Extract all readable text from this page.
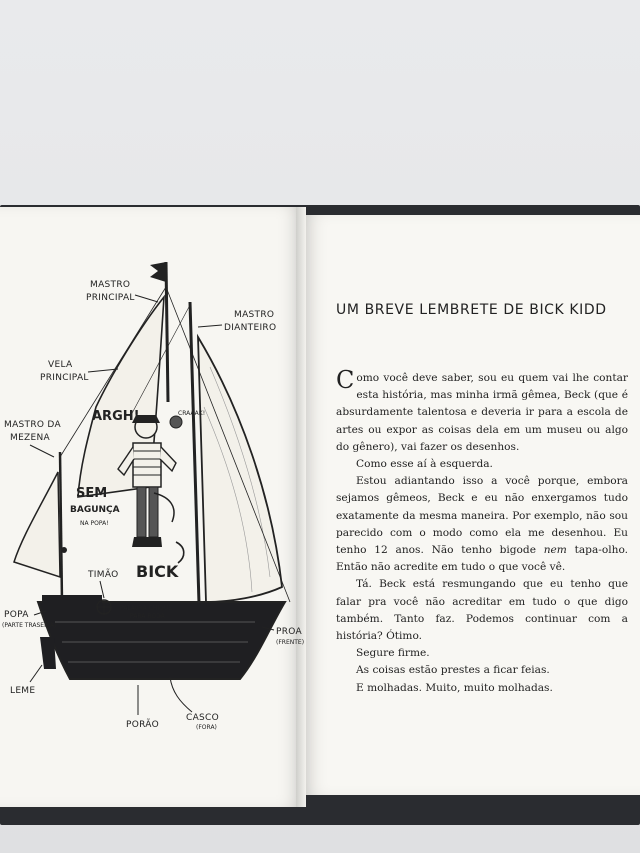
MASTRO
PRINCIPAL
MASTRO
DIANTEIRO
VELA
PRINCIPAL
MASTRO DA
MEZENA
ARGH!	CRAAAK!
SEM
BAGUNÇA
NA POPA!
BICK
TIMÃO
POPA
(PARTE TRASEIRA)
PALAVRA CHIQUE
PARA RODA
PROA
(FRENTE)
LEME
PORÃO
CASCO
(FORA)
UM BREVE LEMBRETE DE BICK KIDD

Como você deve saber, sou eu quem vai lhe contar esta história, mas minha irmã gêmea, Beck (que é absurdamente talentosa e deveria ir para a escola de artes ou expor as coisas dela em um museu ou algo do gênero), vai fazer os desenhos.

Como esse aí à esquerda.

Estou adiantando isso a você porque, embora sejamos gêmeos, Beck e eu não enxergamos tudo exatamente da mesma maneira. Por exemplo, não sou parecido com o modo como ela me desenhou. Eu tenho 12 anos. Não tenho bigode nem tapa-olho. Então não acredite em tudo o que você vê.

Tá. Beck está resmungando que eu tenho que falar pra você não acreditar em tudo o que digo também. Tanto faz. Podemos continuar com a história? Ótimo.

Segure firme.

As coisas estão prestes a ficar feias.

E molhadas. Muito, muito molhadas.
